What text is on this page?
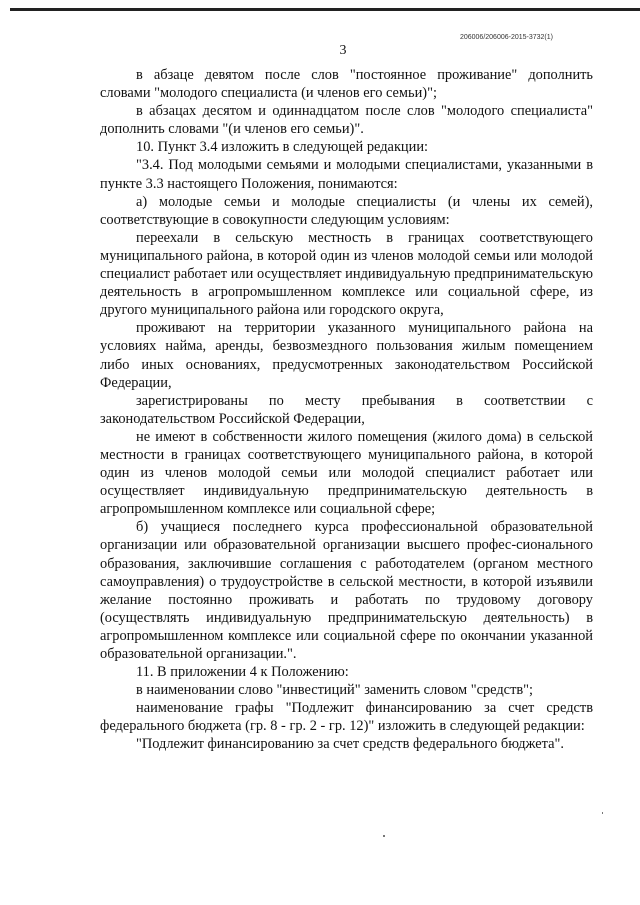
206006/206006-2015-3732(1)
3

в абзаце девятом после слов "постоянное проживание" дополнить словами "молодого специалиста (и членов его семьи)";

в абзацах десятом и одиннадцатом после слов "молодого специалиста" дополнить словами "(и членов его семьи)".

10. Пункт 3.4 изложить в следующей редакции:

"3.4. Под молодыми семьями и молодыми специалистами, указанными в пункте 3.3 настоящего Положения, понимаются:

а) молодые семьи и молодые специалисты (и члены их семей), соответствующие в совокупности следующим условиям:

переехали в сельскую местность в границах соответствующего муниципального района, в которой один из членов молодой семьи или молодой специалист работает или осуществляет индивидуальную предпринимательскую деятельность в агропромышленном комплексе или социальной сфере, из другого муниципального района или городского округа,

проживают на территории указанного муниципального района на условиях найма, аренды, безвозмездного пользования жилым помещением либо иных основаниях, предусмотренных законодательством Российской Федерации,

зарегистрированы по месту пребывания в соответствии с законодательством Российской Федерации,

не имеют в собственности жилого помещения (жилого дома) в сельской местности в границах соответствующего муниципального района, в которой один из членов молодой семьи или молодой специалист работает или осуществляет индивидуальную предпринимательскую деятельность в агропромышленном комплексе или социальной сфере;

б) учащиеся последнего курса профессиональной образовательной организации или образовательной организации высшего профес-сионального образования, заключившие соглашения с работодателем (органом местного самоуправления) о трудоустройстве в сельской местности, в которой изъявили желание постоянно проживать и работать по трудовому договору (осуществлять индивидуальную предпринимательскую деятельность) в агропромышленном комплексе или социальной сфере по окончании указанной образовательной организации.".

11. В приложении 4 к Положению:

в наименовании слово "инвестиций" заменить словом "средств";

наименование графы "Подлежит финансированию за счет средств федерального бюджета (гр. 8 - гр. 2 - гр. 12)" изложить в следующей редакции:

"Подлежит финансированию за счет средств федерального бюджета".
